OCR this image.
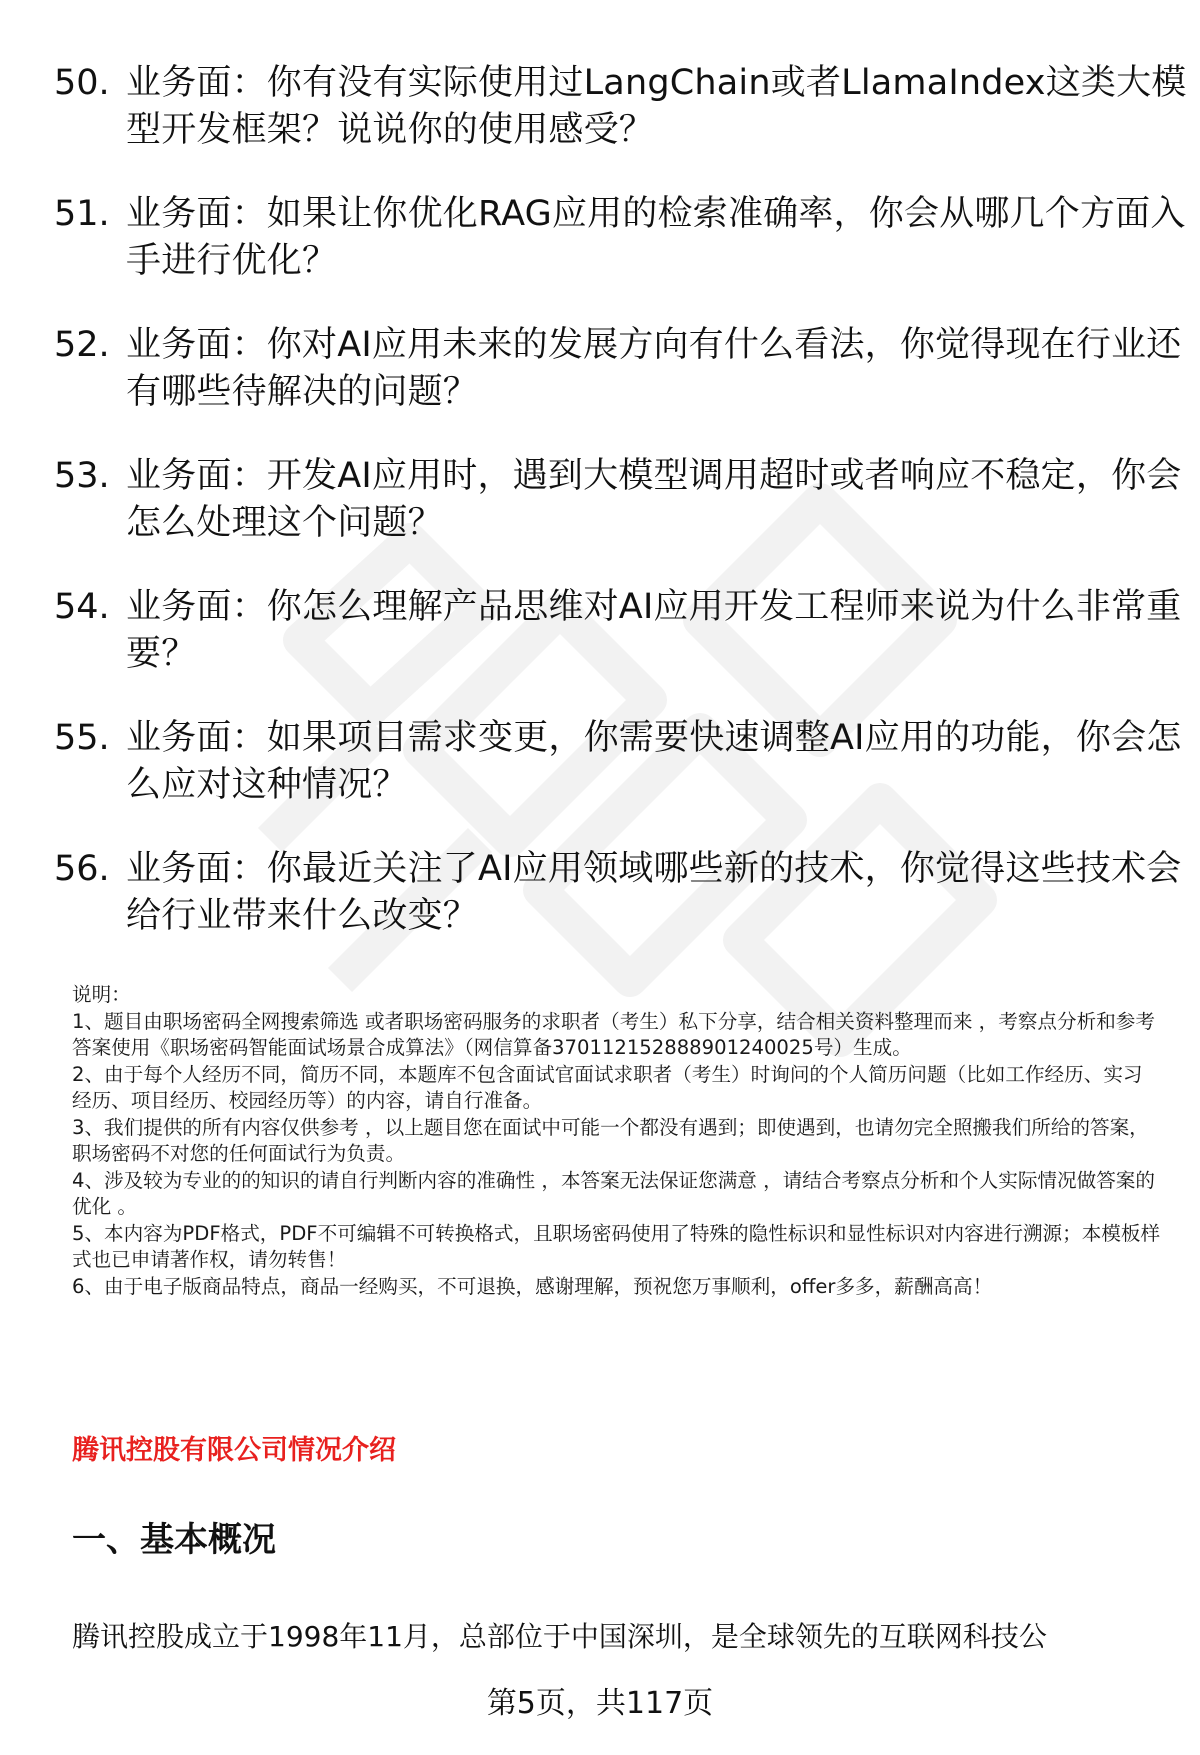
50. 业务面：你有没有实际使用过LangChain或者LlamaIndex这类大模型开发框架？说说你的使用感受？
51. 业务面：如果让你优化RAG应用的检索准确率，你会从哪几个方面入手进行优化？
52. 业务面：你对AI应用未来的发展方向有什么看法，你觉得现在行业还有哪些待解决的问题？
53. 业务面：开发AI应用时，遇到大模型调用超时或者响应不稳定，你会怎么处理这个问题？
54. 业务面：你怎么理解产品思维对AI应用开发工程师来说为什么非常重要？
55. 业务面：如果项目需求变更，你需要快速调整AI应用的功能，你会怎么应对这种情况？
56. 业务面：你最近关注了AI应用领域哪些新的技术，你觉得这些技术会给行业带来什么改变？

说明：

1、题目由职场密码全网搜索筛选 或者职场密码服务的求职者（考生）私下分享，结合相关资料整理而来 ，考察点分析和参考答案使用《职场密码智能面试场景合成算法》（网信算备370112152888901240025号）生成。

2、由于每个人经历不同，简历不同，本题库不包含面试官面试求职者（考生）时询问的个人简历问题（比如工作经历、实习经历、项目经历、校园经历等）的内容，请自行准备。

3、我们提供的所有内容仅供参考 ，以上题目您在面试中可能一个都没有遇到；即使遇到，也请勿完全照搬我们所给的答案，职场密码不对您的任何面试行为负责。

4、涉及较为专业的的知识的请自行判断内容的准确性 ，本答案无法保证您满意 ，请结合考察点分析和个人实际情况做答案的优化 。

5、本内容为PDF格式，PDF不可编辑不可转换格式，且职场密码使用了特殊的隐性标识和显性标识对内容进行溯源；本模板样式也已申请著作权，请勿转售！

6、由于电子版商品特点，商品一经购买，不可退换，感谢理解，预祝您万事顺利，offer多多，薪酬高高！

腾讯控股有限公司情况介绍
一、基本概况
腾讯控股成立于1998年11月，总部位于中国深圳，是全球领先的互联网科技公
第5页，共117页
